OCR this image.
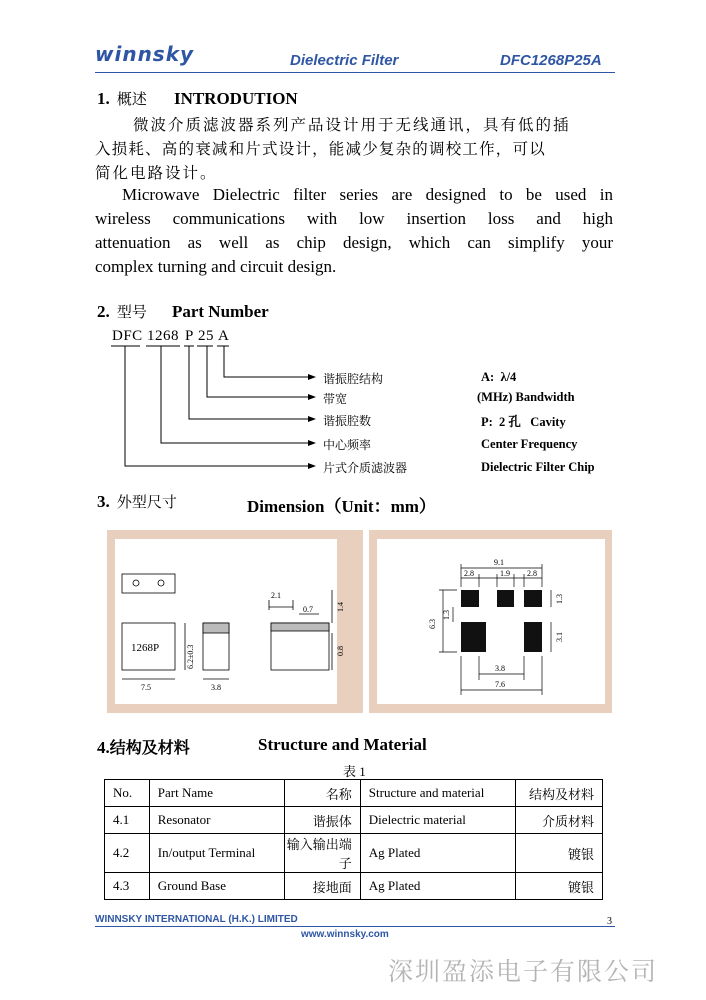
winnsky	Dielectric Filter	DFC1268P25A
1. 概述 INTRODUTION
微波介质滤波器系列产品设计用于无线通讯，具有低的插
入损耗、高的衰减和片式设计，能减少复杂的调校工作，可以
简化电路设计。
Microwave Dielectric filter series are designed to be used in
wireless communications with low insertion loss and high
attenuation as well as chip design, which can simplify your
complex turning and circuit design.
2. 型号 Part Number
DFC 1268 P 25 A
谐振腔结构
带宽
谐振腔数
中心频率
片式介质滤波器
A:  λ/4
(MHz) Bandwidth
P:  2 孔   Cavity
Center Frequency
Dielectric Filter Chip
3. 外型尺寸	Dimension（Unit：mm）
1268P	6.2±0.3
7.5	3.8
2.1
0.7	1.4
0.8
9.1
2.8	1.9 2.8
6.3
1.3
1.3
3.1
3.8
7.6
4.结构及材料	Structure and Material
表 1
No.	Part Name	名称	Structure and material	结构及材料
4.1	Resonator	谐振体	Dielectric material	介质材料
4.2	In/output Terminal	输入输出端子	Ag Plated	镀银
4.3	Ground Base	接地面	Ag Plated	镀银
WINNSKY INTERNATIONAL (H.K.) LIMITED	3
www.winnsky.com
深圳盈添电子有限公司
